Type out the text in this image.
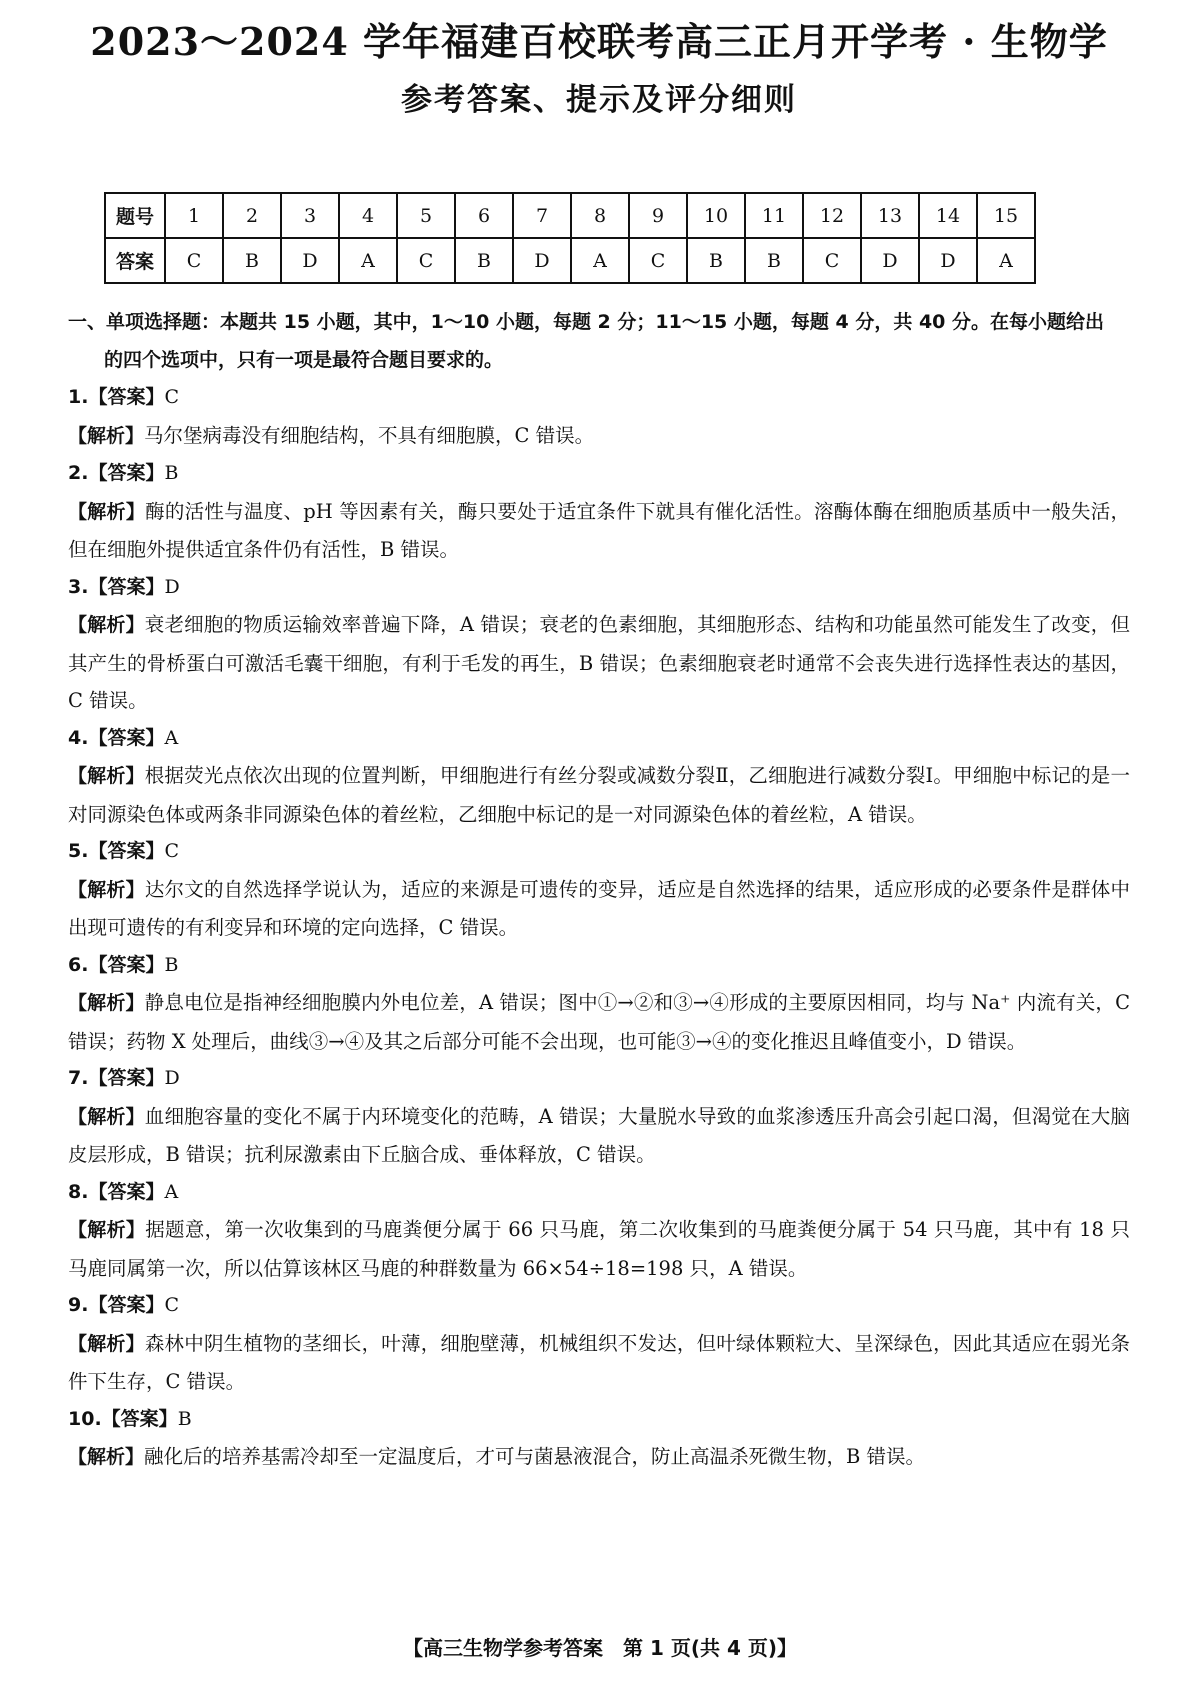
2023～2024 学年福建百校联考高三正月开学考 · 生物学
参考答案、提示及评分细则
题号	1	2	3	4	5	6	7	8	9	10	11	12	13	14	15
答案	C	B	D	A	C	B	D	A	C	B	B	C	D	D	A
一、单项选择题：本题共 15 小题，其中，1～10 小题，每题 2 分；11～15 小题，每题 4 分，共 40 分。在每小题给出
的四个选项中，只有一项是最符合题目要求的。
1.【答案】C
【解析】马尔堡病毒没有细胞结构，不具有细胞膜，C 错误。
2.【答案】B
【解析】酶的活性与温度、pH 等因素有关，酶只要处于适宜条件下就具有催化活性。溶酶体酶在细胞质基质中一般失活，但在细胞外提供适宜条件仍有活性，B 错误。
3.【答案】D
【解析】衰老细胞的物质运输效率普遍下降，A 错误；衰老的色素细胞，其细胞形态、结构和功能虽然可能发生了改变，但其产生的骨桥蛋白可激活毛囊干细胞，有利于毛发的再生，B 错误；色素细胞衰老时通常不会丧失进行选择性表达的基因，C 错误。
4.【答案】A
【解析】根据荧光点依次出现的位置判断，甲细胞进行有丝分裂或减数分裂Ⅱ，乙细胞进行减数分裂Ⅰ。甲细胞中标记的是一对同源染色体或两条非同源染色体的着丝粒，乙细胞中标记的是一对同源染色体的着丝粒，A 错误。
5.【答案】C
【解析】达尔文的自然选择学说认为，适应的来源是可遗传的变异，适应是自然选择的结果，适应形成的必要条件是群体中出现可遗传的有利变异和环境的定向选择，C 错误。
6.【答案】B
【解析】静息电位是指神经细胞膜内外电位差，A 错误；图中①→②和③→④形成的主要原因相同，均与 Na⁺ 内流有关，C 错误；药物 X 处理后，曲线③→④及其之后部分可能不会出现，也可能③→④的变化推迟且峰值变小，D 错误。
7.【答案】D
【解析】血细胞容量的变化不属于内环境变化的范畴，A 错误；大量脱水导致的血浆渗透压升高会引起口渴，但渴觉在大脑皮层形成，B 错误；抗利尿激素由下丘脑合成、垂体释放，C 错误。
8.【答案】A
【解析】据题意，第一次收集到的马鹿粪便分属于 66 只马鹿，第二次收集到的马鹿粪便分属于 54 只马鹿，其中有 18 只马鹿同属第一次，所以估算该林区马鹿的种群数量为 66×54÷18=198 只，A 错误。
9.【答案】C
【解析】森林中阴生植物的茎细长，叶薄，细胞壁薄，机械组织不发达，但叶绿体颗粒大、呈深绿色，因此其适应在弱光条件下生存，C 错误。
10.【答案】B
【解析】融化后的培养基需冷却至一定温度后，才可与菌悬液混合，防止高温杀死微生物，B 错误。
【高三生物学参考答案　第 1 页(共 4 页)】
